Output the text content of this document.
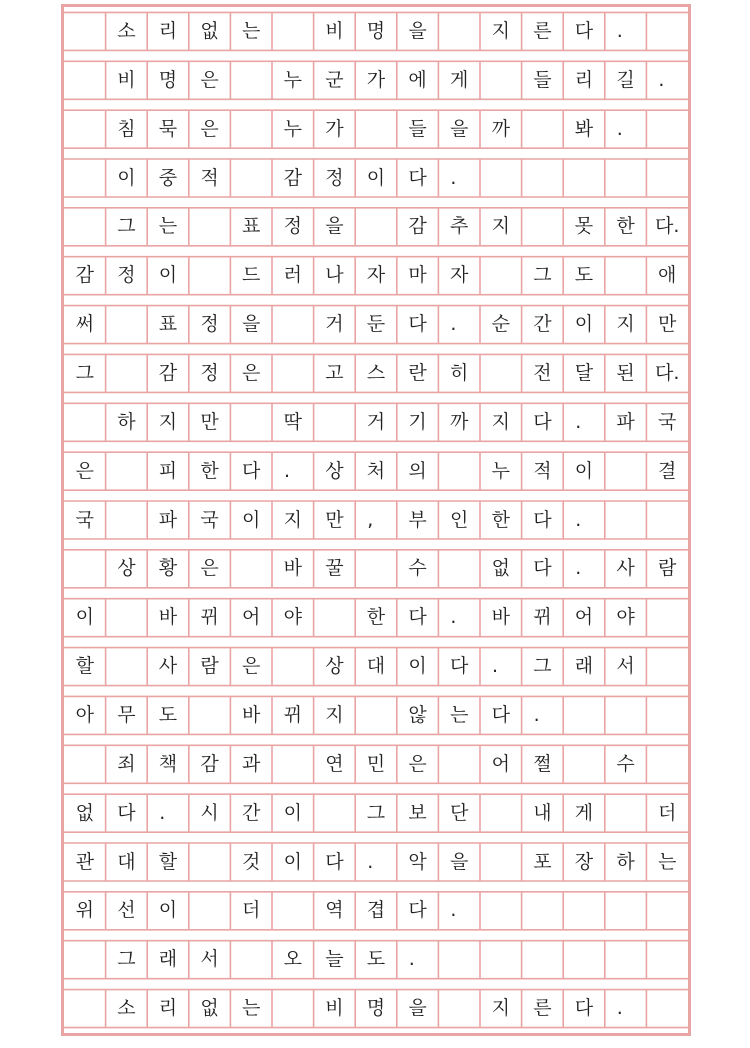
소	리	없	는	비	명	을	지	른	다	.
비	명	은	누	군	가	에	게	들	리	길	.
침	묵	은	누	가	들	을	까	봐	.
이	중	적	감	정	이	다	.
그	는	표	정	을	감	추	지	못	한	다.
감	정	이	드	러	나	자	마	자	그	도	애
써	표	정	을	거	둔	다	.	순	간	이	지	만
그	감	정	은	고	스	란	히	전	달	된	다.
하	지	만	딱	거	기	까	지	다	.	파	국
은	피	한	다	.	상	처	의	누	적	이	결
국	파	국	이	지	만	,	부	인	한	다	.
상	황	은	바	꿀	수	없	다	.	사	람
이	바	뀌	어	야	한	다	.	바	뀌	어	야
할	사	람	은	상	대	이	다	.	그	래	서
아	무	도	바	뀌	지	않	는	다	.
죄	책	감	과	연	민	은	어	쩔	수
없	다	.	시	간	이	그	보	단	내	게	더
관	대	할	것	이	다	.	악	을	포	장	하	는
위	선	이	더	역	겹	다	.
그	래	서	오	늘	도	.
소	리	없	는	비	명	을	지	른	다	.
